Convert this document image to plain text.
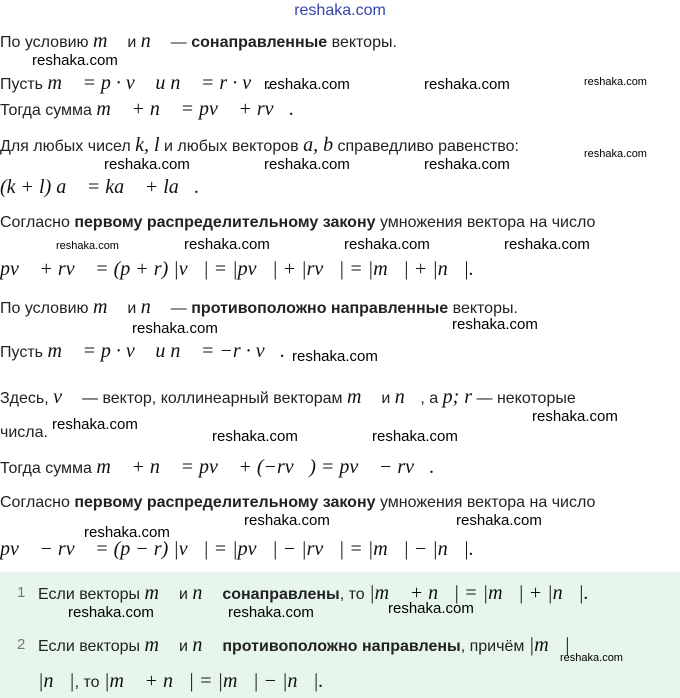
reshaka.com
По условию m⃗ и n⃗ — сонаправленные векторы.
Пусть m⃗ = p · v⃗ и n⃗ = r · v⃗.
Тогда сумма m⃗ + n⃗ = pv⃗ + rv⃗.
Для любых чисел k, l и любых векторов a, b справедливо равенство:
(k + l) a⃗ = ka⃗ + la⃗.
Согласно первому распределительному закону умножения вектора на число
pv⃗ + rv⃗ = (p + r) |v⃗| = |pv⃗| + |rv⃗| = |m⃗| + |n⃗|.
По условию m⃗ и n⃗ — противоположно направленные векторы.
Пусть m⃗ = p · v⃗ и n⃗ = −r · v⃗.
Здесь, v⃗ — вектор, коллинеарный векторам m⃗ и n⃗, а p; r — некоторые
числа.
Тогда сумма m⃗ + n⃗ = pv⃗ + (−rv⃗) = pv⃗ − rv⃗.
Согласно первому распределительному закону умножения вектора на число
pv⃗ − rv⃗ = (p − r) |v⃗| = |pv⃗| − |rv⃗| = |m⃗| − |n⃗|.
1 Если векторы m⃗ и n⃗ сонаправлены, то |m⃗ + n⃗| = |m⃗| + |n⃗|.
2 Если векторы m⃗ и n⃗ противоположно направлены, причём |m⃗| ⩾
|n⃗|, то |m⃗ + n⃗| = |m⃗| − |n⃗|.
reshaka.com
reshaka.com	reshaka.com	reshaka.com
reshaka.com
reshaka.com	reshaka.com	reshaka.com
reshaka.com	reshaka.com	reshaka.com	reshaka.com
reshaka.com
reshaka.com
reshaka.com
reshaka.com
reshaka.com
reshaka.com	reshaka.com
reshaka.com
reshaka.com	reshaka.com
reshaka.com
reshaka.com	reshaka.com
reshaka.com
